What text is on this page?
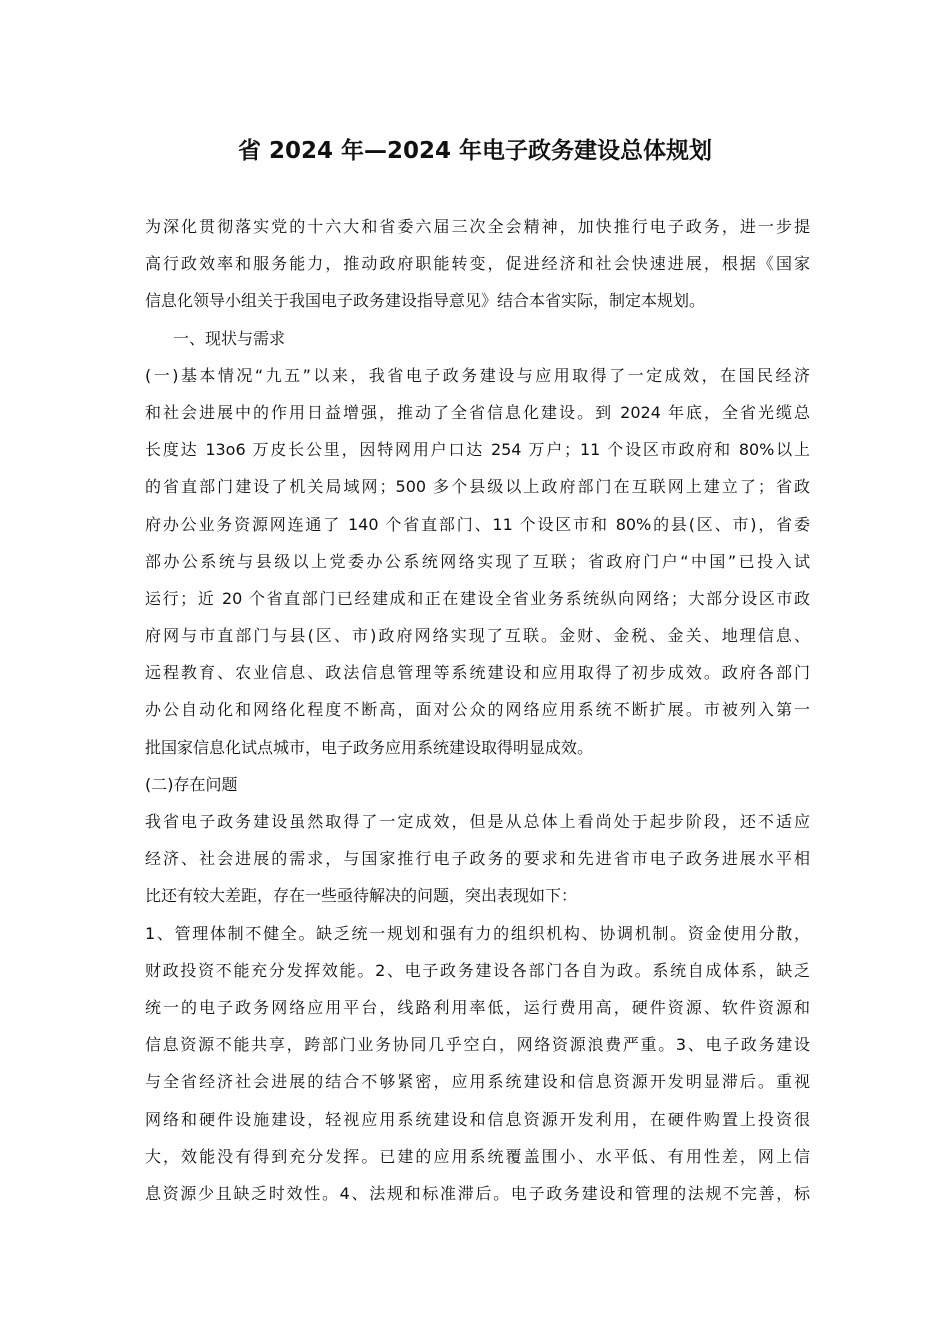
省 2024 年—2024 年电子政务建设总体规划
为深化贯彻落实党的十六大和省委六届三次全会精神，加快推行电子政务，进一步提
高行政效率和服务能力，推动政府职能转变，促进经济和社会快速进展，根据《国家
信息化领导小组关于我国电子政务建设指导意见》结合本省实际，制定本规划。
一、现状与需求
(一)基本情况“九五”以来，我省电子政务建设与应用取得了一定成效，在国民经济
和社会进展中的作用日益增强，推动了全省信息化建设。到 2024 年底，全省光缆总
长度达 13o6 万皮长公里，因特网用户口达 254 万户；11 个设区市政府和 80%以上
的省直部门建设了机关局域网；500 多个县级以上政府部门在互联网上建立了；省政
府办公业务资源网连通了 140 个省直部门、11 个设区市和 80%的县(区、市)，省委
部办公系统与县级以上党委办公系统网络实现了互联；省政府门户“中国”已投入试
运行；近 20 个省直部门已经建成和正在建设全省业务系统纵向网络；大部分设区市政
府网与市直部门与县(区、市)政府网络实现了互联。金财、金税、金关、地理信息、
远程教育、农业信息、政法信息管理等系统建设和应用取得了初步成效。政府各部门
办公自动化和网络化程度不断高，面对公众的网络应用系统不断扩展。市被列入第一
批国家信息化试点城市，电子政务应用系统建设取得明显成效。
(二)存在问题
我省电子政务建设虽然取得了一定成效，但是从总体上看尚处于起步阶段，还不适应
经济、社会进展的需求，与国家推行电子政务的要求和先进省市电子政务进展水平相
比还有较大差距，存在一些亟待解决的问题，突出表现如下：
1、管理体制不健全。缺乏统一规划和强有力的组织机构、协调机制。资金使用分散，
财政投资不能充分发挥效能。2、电子政务建设各部门各自为政。系统自成体系，缺乏
统一的电子政务网络应用平台，线路利用率低，运行费用高，硬件资源、软件资源和
信息资源不能共享，跨部门业务协同几乎空白，网络资源浪费严重。3、电子政务建设
与全省经济社会进展的结合不够紧密，应用系统建设和信息资源开发明显滞后。重视
网络和硬件设施建设，轻视应用系统建设和信息资源开发利用，在硬件购置上投资很
大，效能没有得到充分发挥。已建的应用系统覆盖围小、水平低、有用性差，网上信
息资源少且缺乏时效性。4、法规和标准滞后。电子政务建设和管理的法规不完善，标
